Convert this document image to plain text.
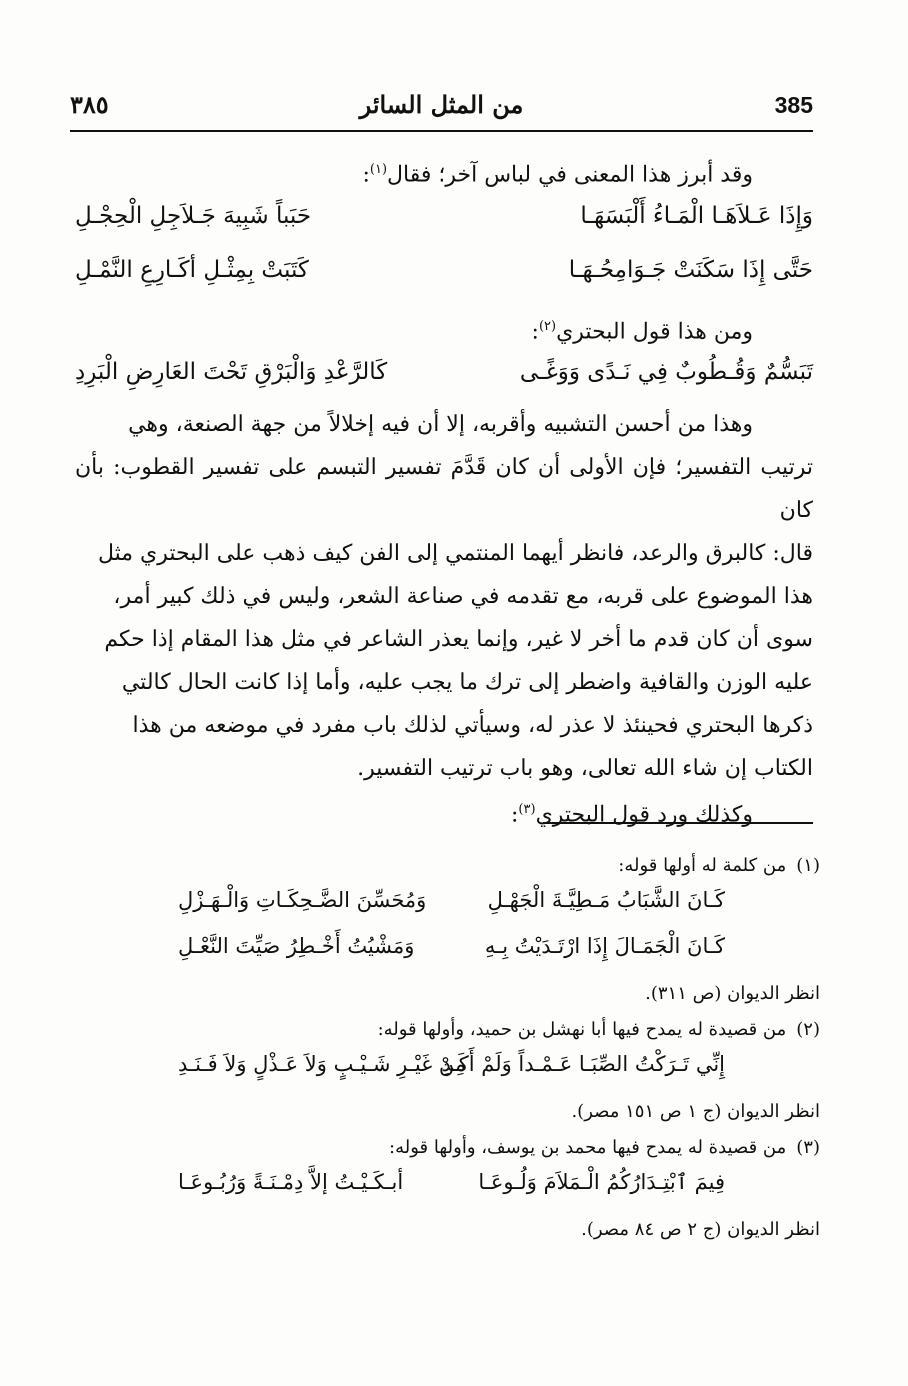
385
من المثل السائر
٣٨٥

وقد أبرز هذا المعنى في لباس آخر؛ فقال$^{(١)}$:

وَإِذَا عَـلاَهَـا الْمَـاءُ أَلْبَسَهَـا
حَبَباً شَبِيهَ جَـلاَجِلِ الْحِجْـلِ
حَتَّى إِذَا سَكَنَتْ جَـوَامِحُـهَـا
كَتَبَتْ بِمِثْـلِ أكَـارِعِ النَّمْـلِ

ومن هذا قول البحتري$^{(٢)}$:

تَبَسُّمٌ وَقُـطُوبٌ فِي نَـدًى وَوَغًـى
كَالرَّعْدِ وَالْبَرْقِ تَحْتَ العَارِضِ الْبَرِدِ

وهذا من أحسن التشبيه وأقربه، إلا أن فيه إخلالاً من جهة الصنعة، وهي

ترتيب التفسير؛ فإن الأولى أن كان قَدَّمَ تفسير التبسم على تفسير القطوب: بأن كان

قال: كالبرق والرعد، فانظر أيهما المنتمي إلى الفن كيف ذهب على البحتري مثل

هذا الموضوع على قربه، مع تقدمه في صناعة الشعر، وليس في ذلك كبير أمر،

سوى أن كان قدم ما أخر لا غير، وإنما يعذر الشاعر في مثل هذا المقام إذا حكم

عليه الوزن والقافية واضطر إلى ترك ما يجب عليه، وأما إذا كانت الحال كالتي

ذكرها البحتري فحينئذ لا عذر له، وسيأتي لذلك باب مفرد في موضعه من هذا

الكتاب إن شاء الله تعالى، وهو باب ترتيب التفسير.

وكذلك ورد قول البحتري$^{(٣)}$:

(١)من كلمة له أولها قوله:

كَـانَ الشَّبَابُ مَـطِيَّـةَ الْجَهْـلِ
وَمُحَسِّنَ الضَّـحِكَـاتِ وَالْـهَـزْلِ
كَـانَ الْجَمَـالَ إِذَا ارْتَـدَيْتُ بِـهِ
وَمَشْيُتُ أَخْـطِرُ صَيِّتَ النَّعْـلِ

انظر الديوان (ص ٣١١).

(٢)من قصيدة له يمدح فيها أبا نهشل بن حميد، وأولها قوله:

إِنِّي تَـرَكْتُ الصِّبَـا عَـمْـداً وَلَمْ أَكَـدِ
مِنْ غَيْـرِ شَـيْـبٍ وَلاَ عَـذْلٍ وَلاَ فَـنَـدِ

انظر الديوان (ج ١ ص ١٥١ مصر).

(٣)من قصيدة له يمدح فيها محمد بن يوسف، وأولها قوله:

فِيمَ ٱبْتِـدَارُكُمُ الْـمَلاَمَ وَلُـوعَـا
أبـكَـيْـتُ إلاَّ دِمْـنَـةً وَرُبُـوعَـا

انظر الديوان (ج ٢ ص ٨٤ مصر).
